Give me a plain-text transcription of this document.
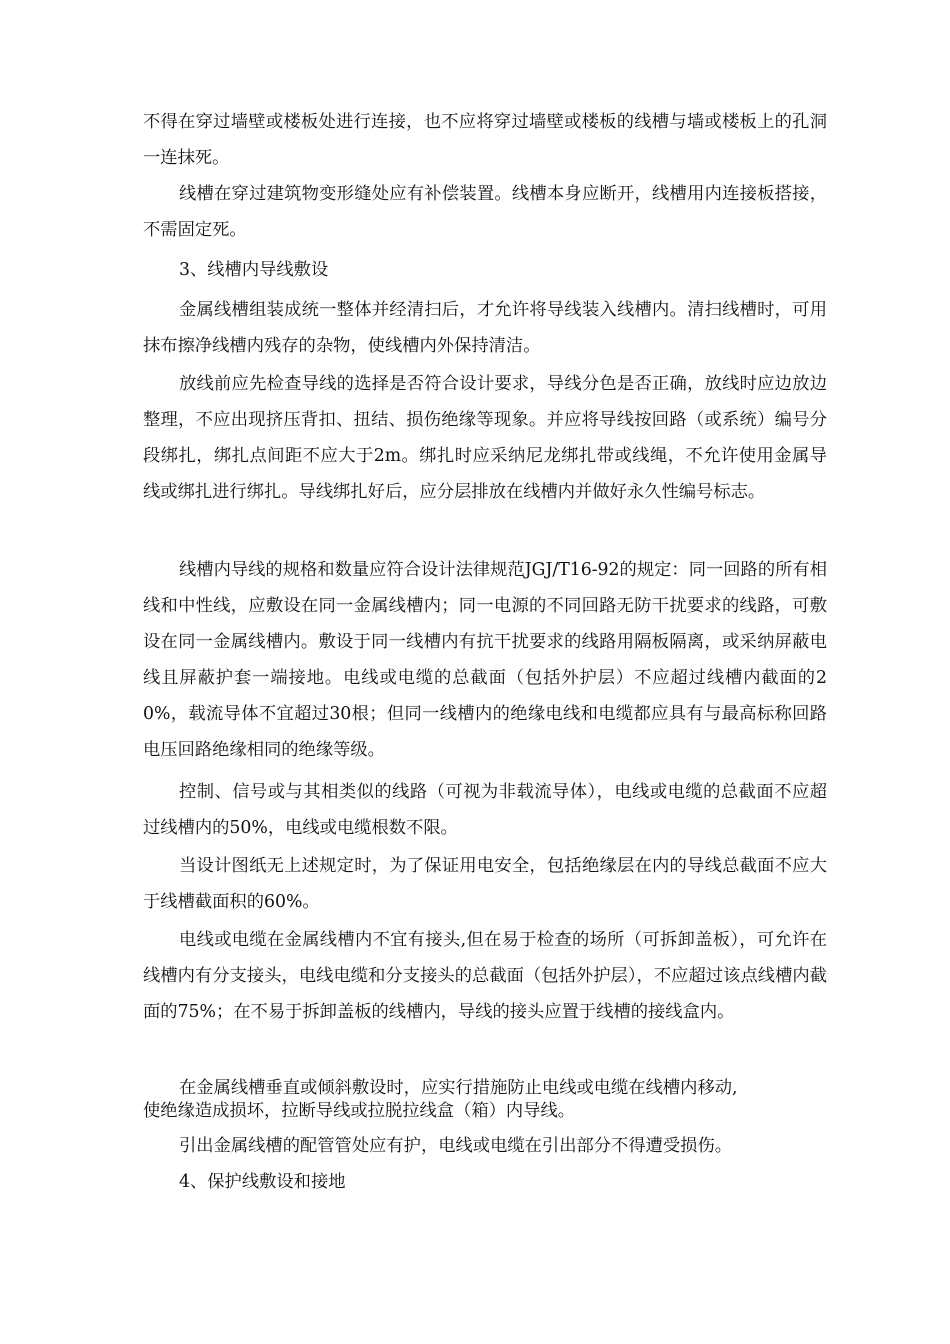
不得在穿过墙壁或楼板处进行连接，也不应将穿过墙壁或楼板的线槽与墙或楼板上的孔洞一连抹死。

线槽在穿过建筑物变形缝处应有补偿装置。线槽本身应断开，线槽用内连接板搭接，不需固定死。

3、线槽内导线敷设

金属线槽组装成统一整体并经清扫后，才允许将导线装入线槽内。清扫线槽时，可用抹布擦净线槽内残存的杂物，使线槽内外保持清洁。

放线前应先检查导线的选择是否符合设计要求，导线分色是否正确，放线时应边放边整理，不应出现挤压背扣、扭结、损伤绝缘等现象。并应将导线按回路（或系统）编号分段绑扎，绑扎点间距不应大于2m。绑扎时应采纳尼龙绑扎带或线绳，不允许使用金属导线或绑扎进行绑扎。导线绑扎好后，应分层排放在线槽内并做好永久性编号标志。

线槽内导线的规格和数量应符合设计法律规范JGJ/T16-92的规定：同一回路的所有相线和中性线，应敷设在同一金属线槽内；同一电源的不同回路无防干扰要求的线路，可敷设在同一金属线槽内。敷设于同一线槽内有抗干扰要求的线路用隔板隔离，或采纳屏蔽电线且屏蔽护套一端接地。电线或电缆的总截面（包括外护层）不应超过线槽内截面的20%，载流导体不宜超过30根；但同一线槽内的绝缘电线和电缆都应具有与最高标称回路电压回路绝缘相同的绝缘等级。

控制、信号或与其相类似的线路（可视为非载流导体），电线或电缆的总截面不应超过线槽内的50%，电线或电缆根数不限。

当设计图纸无上述规定时，为了保证用电安全，包括绝缘层在内的导线总截面不应大于线槽截面积的60%。

电线或电缆在金属线槽内不宜有接头,但在易于检查的场所（可拆卸盖板），可允许在线槽内有分支接头，电线电缆和分支接头的总截面（包括外护层），不应超过该点线槽内截面的75%；在不易于拆卸盖板的线槽内，导线的接头应置于线槽的接线盒内。

在金属线槽垂直或倾斜敷设时，应实行措施防止电线或电缆在线槽内移动,

使绝缘造成损坏，拉断导线或拉脱拉线盒（箱）内导线。

引出金属线槽的配管管处应有护，电线或电缆在引出部分不得遭受损伤。

4、保护线敷设和接地
